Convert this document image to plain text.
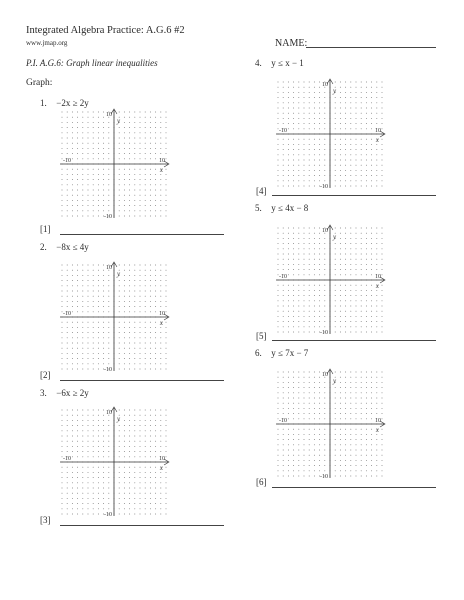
Integrated Algebra Practice: A.G.6 #2
www.jmap.org	NAME:
P.I. A.G.6: Graph linear inequalities
Graph:
1. −2x ≥ 2y
10
-10
-10	10
x
y
[1]
2. −8x ≤ 4y
10
-10
-10	10
x
y
[2]
3. −6x ≥ 2y
10
-10
-10	10
x
y
[3]
4. y ≤ x − 1
10
-10
-10	10
x
y
[4]
5. y ≤ 4x − 8
10
-10
-10	10
x
y
[5]
6. y ≤ 7x − 7
10
-10
-10	10
x
y
[6]
